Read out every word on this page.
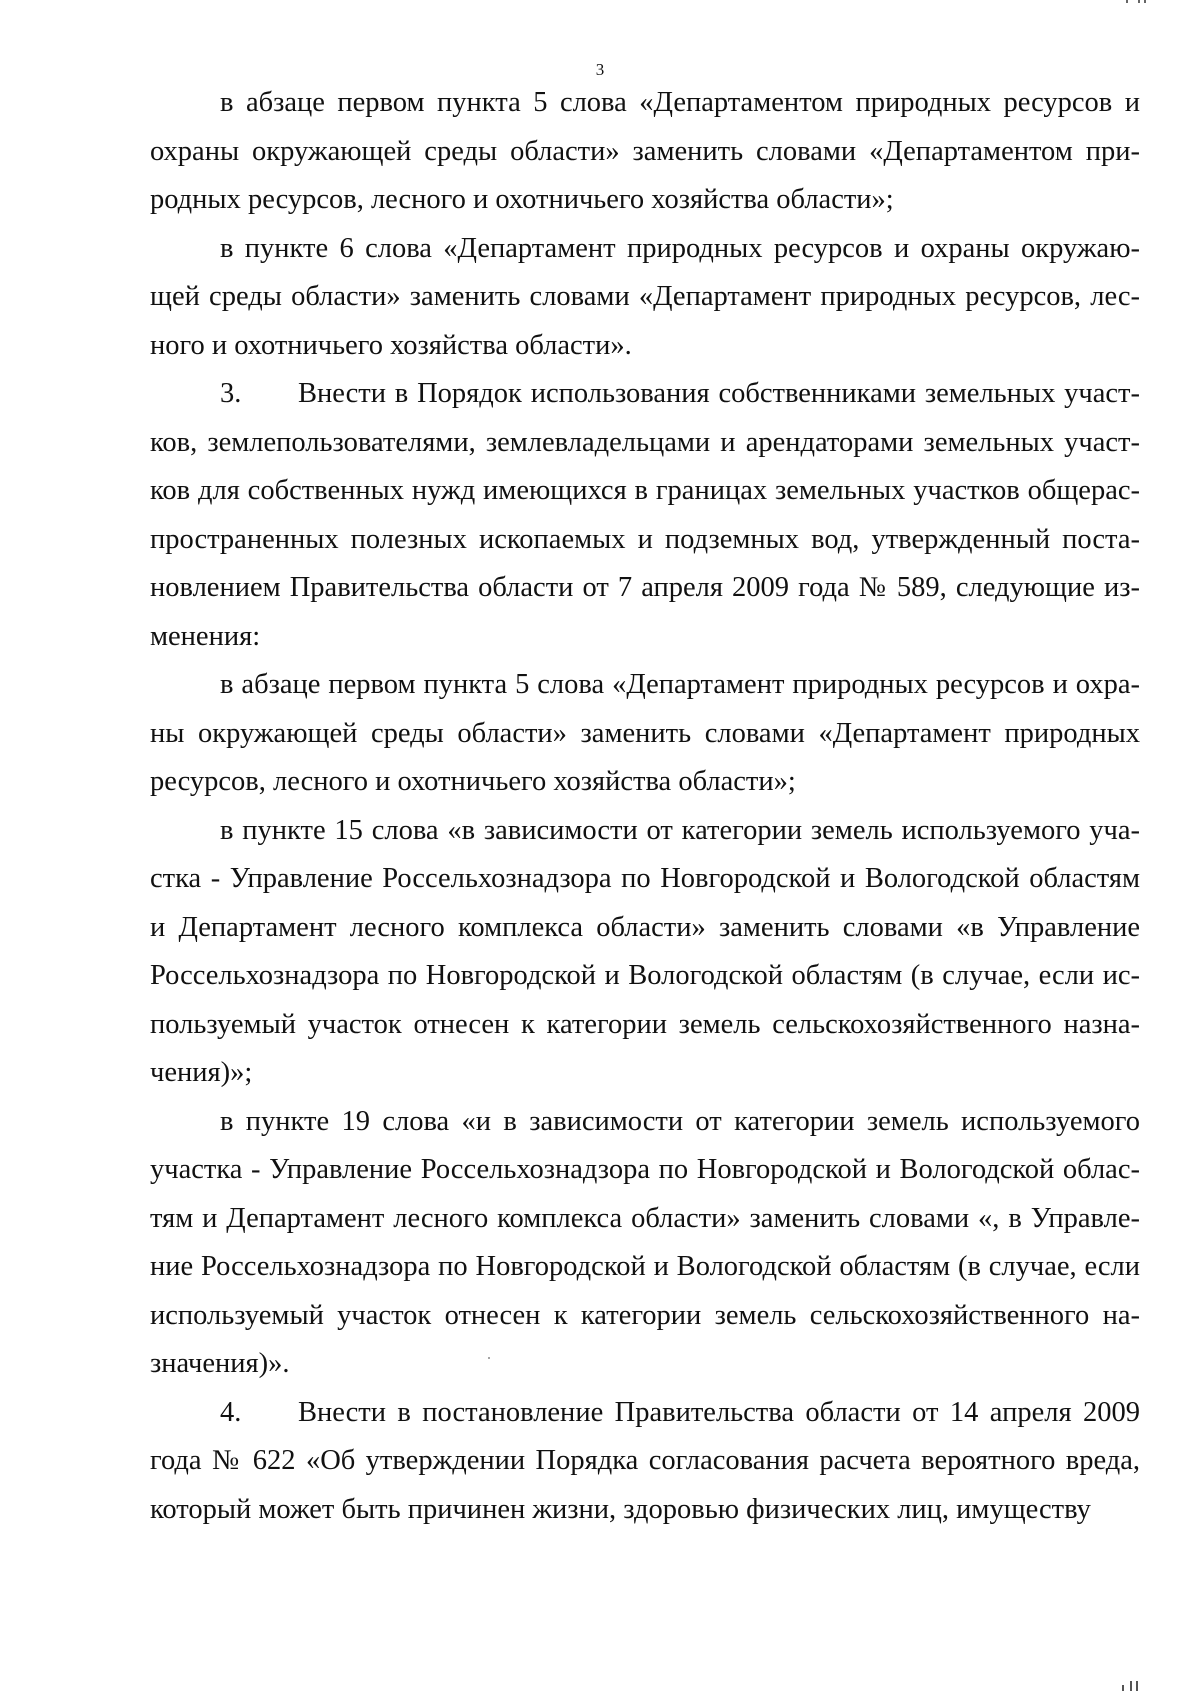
3

в абзаце первом пункта 5 слова «Департаментом природных ресурсов и охраны окружающей среды области» заменить словами «Департаментом природных ресурсов, лесного и охотничьего хозяйства области»;

в пункте 6 слова «Департамент природных ресурсов и охраны окружающей среды области» заменить словами «Департамент природных ресурсов, лесного и охотничьего хозяйства области».

3. Внести в Порядок использования собственниками земельных участков, землепользователями, землевладельцами и арендаторами земельных участков для собственных нужд имеющихся в границах земельных участков общераспространенных полезных ископаемых и подземных вод, утвержденный постановлением Правительства области от 7 апреля 2009 года № 589, следующие изменения:

в абзаце первом пункта 5 слова «Департамент природных ресурсов и охраны окружающей среды области» заменить словами «Департамент природных ресурсов, лесного и охотничьего хозяйства области»;

в пункте 15 слова «в зависимости от категории земель используемого участка - Управление Россельхознадзора по Новгородской и Вологодской областям и Департамент лесного комплекса области» заменить словами «в Управление Россельхознадзора по Новгородской и Вологодской областям (в случае, если используемый участок отнесен к категории земель сельскохозяйственного назначения)»;

в пункте 19 слова «и в зависимости от категории земель используемого участка - Управление Россельхознадзора по Новгородской и Вологодской областям и Департамент лесного комплекса области» заменить словами «, в Управление Россельхознадзора по Новгородской и Вологодской областям (в случае, если используемый участок отнесен к категории земель сельскохозяйственного назначения)».

4. Внести в постановление Правительства области от 14 апреля 2009 года № 622 «Об утверждении Порядка согласования расчета вероятного вреда, который может быть причинен жизни, здоровью физических лиц, имуществу
